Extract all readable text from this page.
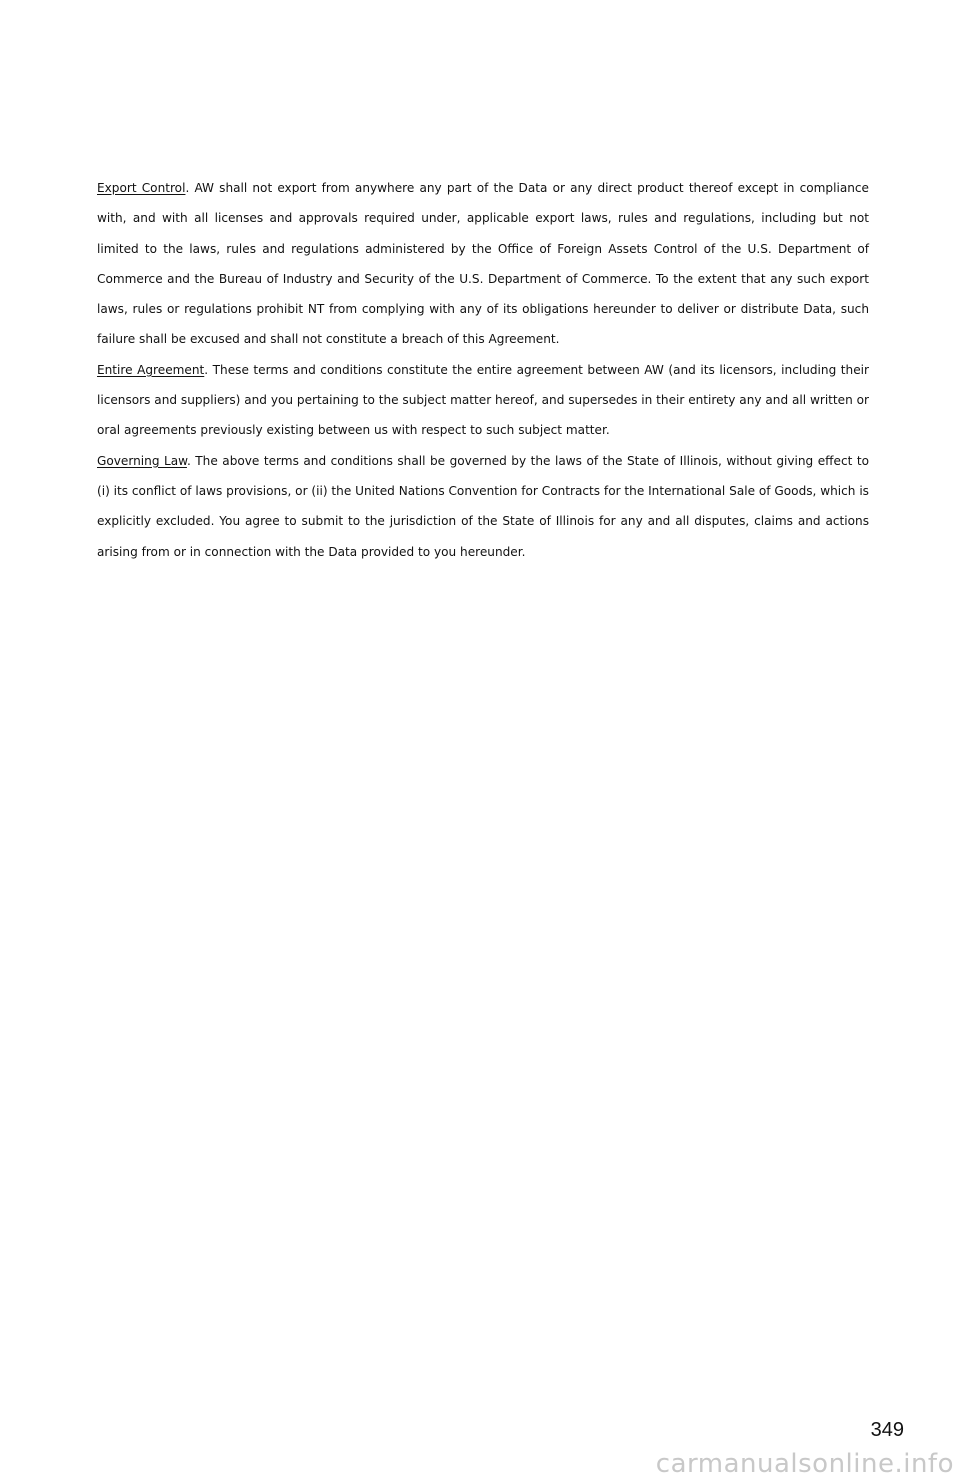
Export Control. AW shall not export from anywhere any part of the Data or any direct product thereof except in compliance with, and with all licenses and approvals required under, applicable export laws, rules and regulations, including but not limited to the laws, rules and regulations administered by the Office of Foreign Assets Control of the U.S. Department of Commerce and the Bureau of Industry and Security of the U.S. Department of Commerce. To the extent that any such export laws, rules or regulations prohibit NT from complying with any of its obligations hereunder to deliver or distribute Data, such failure shall be excused and shall not constitute a breach of this Agreement.

Entire Agreement. These terms and conditions constitute the entire agreement between AW (and its licensors, including their licensors and suppliers) and you pertaining to the subject matter hereof, and supersedes in their entirety any and all written or oral agreements previously existing between us with respect to such subject matter.

Governing Law. The above terms and conditions shall be governed by the laws of the State of Illinois, without giving effect to (i) its conflict of laws provisions, or (ii) the United Nations Convention for Contracts for the International Sale of Goods, which is explicitly excluded. You agree to submit to the jurisdiction of the State of Illinois for any and all disputes, claims and actions arising from or in connection with the Data provided to you hereunder.

349
carmanualsonline.info
